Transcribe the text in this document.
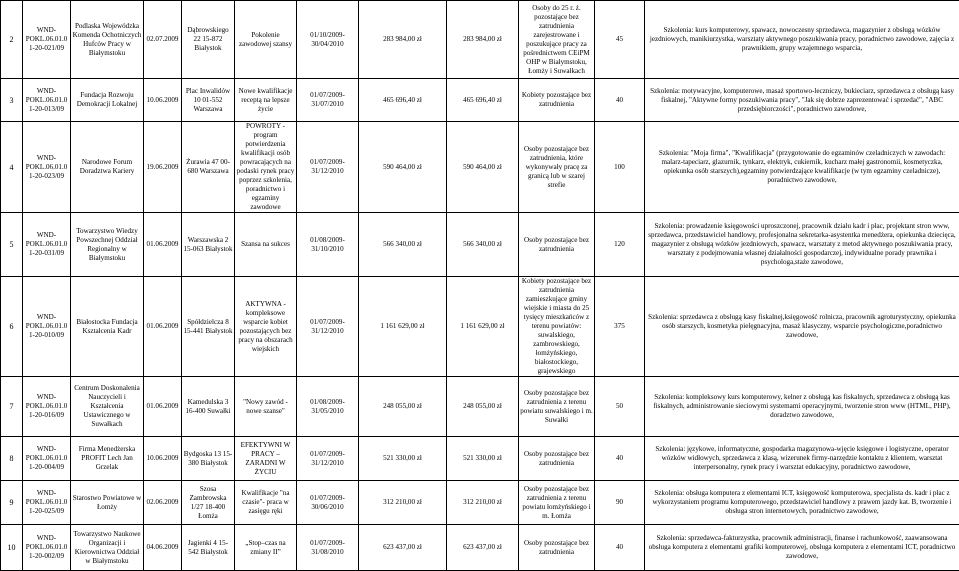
2	WND-POKL.06.01.01-20-021/09	Podlaska Wojewódzka Komenda Ochotniczych Hufców Pracy w Białymstoku	02.07.2009	Dąbrowskiego 22 15-872 Białystok	Pokolenie zawodowej szansy	01/10/2009-30/04/2010	283 984,00 zł	283 984,00 zł	Osoby do 25 r. ż. pozostające bez zatrudnienia zarejestrowane i poszukujące pracy za pośrednictwem CEiPM OHP w Białymstoku, Łomży i Suwałkach	45	Szkolenia: kurs komputerowy, spawacz, nowoczesny sprzedawca, magazynier z obsługą wózków jezdniowych, manikiurzystka, warsztaty aktywnego poszukiwania pracy, poradnictwo zawodowe, zajęcia z prawnikiem, grupy wzajemnego wsparcia,
3	WND-POKL.06.01.01-20-013/09	Fundacja Rozwoju Demokracji Lokalnej	10.06.2009	Plac Inwalidów 10 01-552 Warszawa	Nowe kwalifikacje receptą na lepsze życie	01/07/2009-31/07/2010	465 696,40 zł	465 696,40 zł	Kobiety pozostające bez zatrudnienia	40	Szkolenia: motywacyjne, komputerowe, masaż sportowo-leczniczy, bukieciarz, sprzedawca z obsługą kasy fiskalnej, "Aktywne formy poszukiwania pracy", "Jak się dobrze zaprezentować i sprzedać", "ABC przedsiębiorczości", poradnictwo zawodowe,
4	WND-POKL.06.01.01-20-023/09	Narodowe Forum Doradztwa Kariery	19.06.2009	Żurawia 47 00-680 Warszawa	POWROTY - program potwierdzenia kwalifikacji osób powracających na podaski rynek pracy poprzez szkolenia, poradnictwo i egzaminy zawodowe	01/07/2009-31/12/2010	590 464,00 zł	590 464,00 zł	Osoby pozostające bez zatrudnienia, które wykonywały pracę za granicą lub w szarej strefie	100	Szkolenia: "Moja firma", "Kwalifikacja" (przygotowanie do egzaminów czeladniczych w zawodach: malarz-tapeciarz, glazurnik, tynkarz, elektryk, cukiernik, kucharz małej gastronomii, kosmetyczka, opiekunka osób starszych),egzaminy potwierdzające kwalifikacje (w tym egzaminy czeladnicze), poradnictwo zawodowe,
5	WND-POKL.06.01.01-20-031/09	Towarzystwo Wiedzy Powszechnej Oddział Regionalny w Białymstoku	01.06.2009	Warszawska 2 15-063 Białystok	Szansa na sukces	01/08/2009-31/10/2010	566 340,00 zł	566 340,00 zł	Osoby pozostające bez zatrudnienia	120	Szkolenia: prowadzenie księgowości uproszczonej, pracownik działu kadr i płac, projektant stron www, sprzedawca, przedstawiciel handlowy, profesjonalna sekretarka-asystentka menedżera, opiekunka dziecięca, magazynier z obsługą wózków jezdniowych, spawacz, warsztaty z metod aktywnego poszukiwania pracy, warsztaty z podejmowania własnej działalności gospodarczej, indywidualne porady prawnika i psychologa,staże zawodowe,
6	WND-POKL.06.01.01-20-010/09	Białostocka Fundacja Kształcenia Kadr	01.06.2009	Spółdzielcza 8 15-441 Białystok	AKTYWNA - kompleksowe wsparcie kobiet pozostających bez pracy na obszarach wiejskich	01/07/2009-31/12/2010	1 161 629,00 zł	1 161 629,00 zł	Kobiety pozostające bez zatrudnienia zamieszkujące gminy wiejskie i miasta do 25 tysięcy mieszkańców z terenu powiatów: suwalskiego, zambrowskiego, łomżyńskiego, białostockiego, grajewskiego	375	Szkolenia: sprzedawca z obsługą kasy fiskalnej,księgowość rolnicza, pracownik agroturystyczny, opiekunka osób starszych, kosmetyka pielęgnacyjna, masaż klasyczny, wsparcie psychologiczne,poradnictwo zawodowe,
7	WND-POKL.06.01.01-20-016/09	Centrum Doskonalenia Nauczycieli i Kształcenia Ustawicznego w Suwałkach	01.06.2009	Kamedulska 3 16-400 Suwałki	"Nowy zawód - nowe szanse"	01/08/2009-31/05/2010	248 055,00 zł	248 055,00 zł	Osoby pozostające bez zatrudnienia z terenu powiatu suwalskiego i m. Suwałki	50	Szkolenia: kompleksowy kurs komputerowy, kelner z obsługą kas fiskalnych, sprzedawca z obsługą kas fiskalnych, administrowanie sieciowymi systemami operacyjnymi, tworzenie stron www (HTML, PHP), doradztwo zawodowe,
8	WND-POKL.06.01.01-20-004/09	Firma Menedżerska PROFIT Lech Jan Grzelak	10.06.2009	Bydgoska 13 15-380 Białystok	EFEKTYWNI W PRACY – ZARADNI W ŻYCIU	01/07/2009-31/12/2010	521 330,00 zł	521 330,00 zł	Osoby pozostające bez zatrudnienia	40	Szkolenia: językowe, informatyczne, gospodarka magazynowa-wjęcie księgowe i logistyczne, operator wózków widłowych, sprzedawca z klasą, wizerunek firmy-narzędzie kontaktu z klientem, warsztat interpersonalny, rynek pracy i warsztat edukacyjny, poradnictwo zawodowe,
9	WND-POKL.06.01.01-20-025/09	Starostwo Powiatowe w Łomży	02.06.2009	Szosa Zambrowska 1/27 18-400 Łomża	Kwalifikacje "na czasie"- praca w zasięgu ręki	01/07/2009-30/06/2010	312 210,00 zł	312 210,00 zł	Osoby pozostające bez zatrudnienia z terenu powiatu łomżyńskiego i m. Łomża	90	Szkolenia: obsługa komputera z elementami ICT, księgowość komputerowa, specjalista ds. kadr i płac z wykorzystaniem programu komputerowego, przedstawiciel handlowy z prawem jazdy kat. B, tworzenie i obsługa stron internetowych, poradnictwo zawodowe,
10	WND-POKL.06.01.01-20-002/09	Towarzystwo Naukowe Organizacji i Kierownictwa Oddział w Białymstoku	04.06.2009	Jagienki 4 15-542 Białystok	„Stop–czas na zmiany II”	01/07/2009-31/08/2010	623 437,00 zł	623 437,00 zł	Osoby pozostające bez zatrudnienia	40	Szkolenia: sprzedawca-fakturzystka, pracownik administracji, finanse i rachunkowość, zaawansowana obsługa komputera z elementami grafiki komputerowej, obsługa komputera z elementami ICT, poradnictwo zawodowe,
